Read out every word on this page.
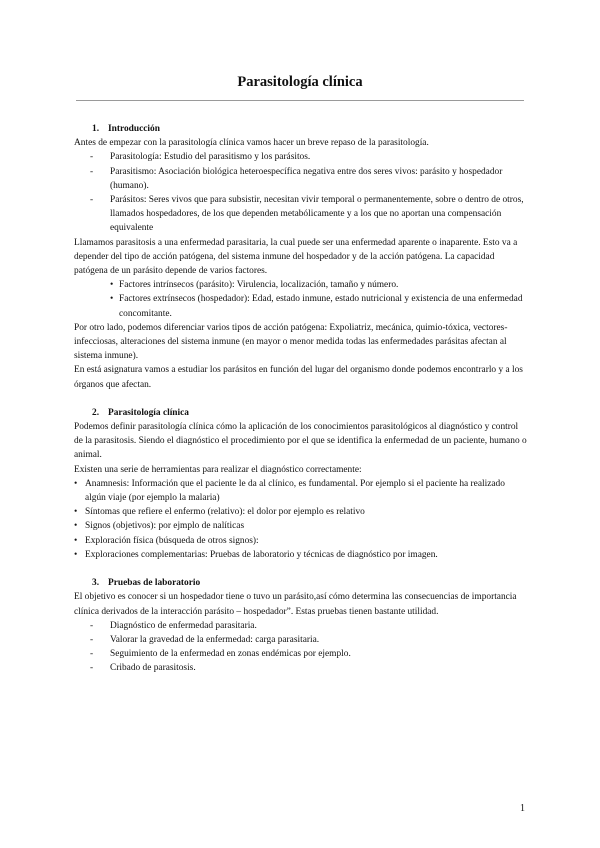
Parasitología clínica

1. Introducción

Antes de empezar con la parasitología clínica vamos hacer un breve repaso de la parasitología.

- Parasitología: Estudio del parasitismo y los parásitos.

- Parasitismo: Asociación biológica heteroespecífica negativa entre dos seres vivos: parásito y hospedador (humano).

- Parásitos: Seres vivos que para subsistir, necesitan vivir temporal o permanentemente, sobre o dentro de otros, llamados hospedadores, de los que dependen metabólicamente y a los que no aportan una compensación equivalente

Llamamos parasitosis a una enfermedad parasitaria, la cual puede ser una enfermedad aparente o inaparente. Esto va a depender del tipo de acción patógena, del sistema inmune del hospedador y de la acción patógena. La capacidad patógena de un parásito depende de varios factores.

• Factores intrínsecos (parásito): Virulencia, localización, tamaño y número.

• Factores extrínsecos (hospedador): Edad, estado inmune, estado nutricional y existencia de una enfermedad concomitante.

Por otro lado, podemos diferenciar varios tipos de acción patógena: Expoliatriz, mecánica, quimio-tóxica, vectores-infecciosas, alteraciones del sistema inmune (en mayor o menor medida todas las enfermedades parásitas afectan al sistema inmune).

En está asignatura vamos a estudiar los parásitos en función del lugar del organismo donde podemos encontrarlo y a los órganos que afectan.

2. Parasitología clínica

Podemos definir parasitología clínica cómo la aplicación de los conocimientos parasitológicos al diagnóstico y control de la parasitosis. Siendo el diagnóstico el procedimiento por el que se identifica la enfermedad de un paciente, humano o animal.

Existen una serie de herramientas para realizar el diagnóstico correctamente:

• Anamnesis: Información que el paciente le da al clínico, es fundamental. Por ejemplo si el paciente ha realizado algún viaje (por ejemplo la malaria)

• Síntomas que refiere el enfermo (relativo): el dolor por ejemplo es relativo

• Signos (objetivos): por ejmplo de nalíticas

• Exploración física (búsqueda de otros signos):

• Exploraciones complementarias: Pruebas de laboratorio y técnicas de diagnóstico por imagen.

3. Pruebas de laboratorio

El objetivo es conocer si un hospedador tiene o tuvo un parásito,así cómo determina las consecuencias de importancia clínica derivados de la interacción parásito – hospedador”. Estas pruebas tienen bastante utilidad.

- Diagnóstico de enfermedad parasitaria.

- Valorar la gravedad de la enfermedad: carga parasitaria.

- Seguimiento de la enfermedad en zonas endémicas por ejemplo.

- Cribado de parasitosis.

1
